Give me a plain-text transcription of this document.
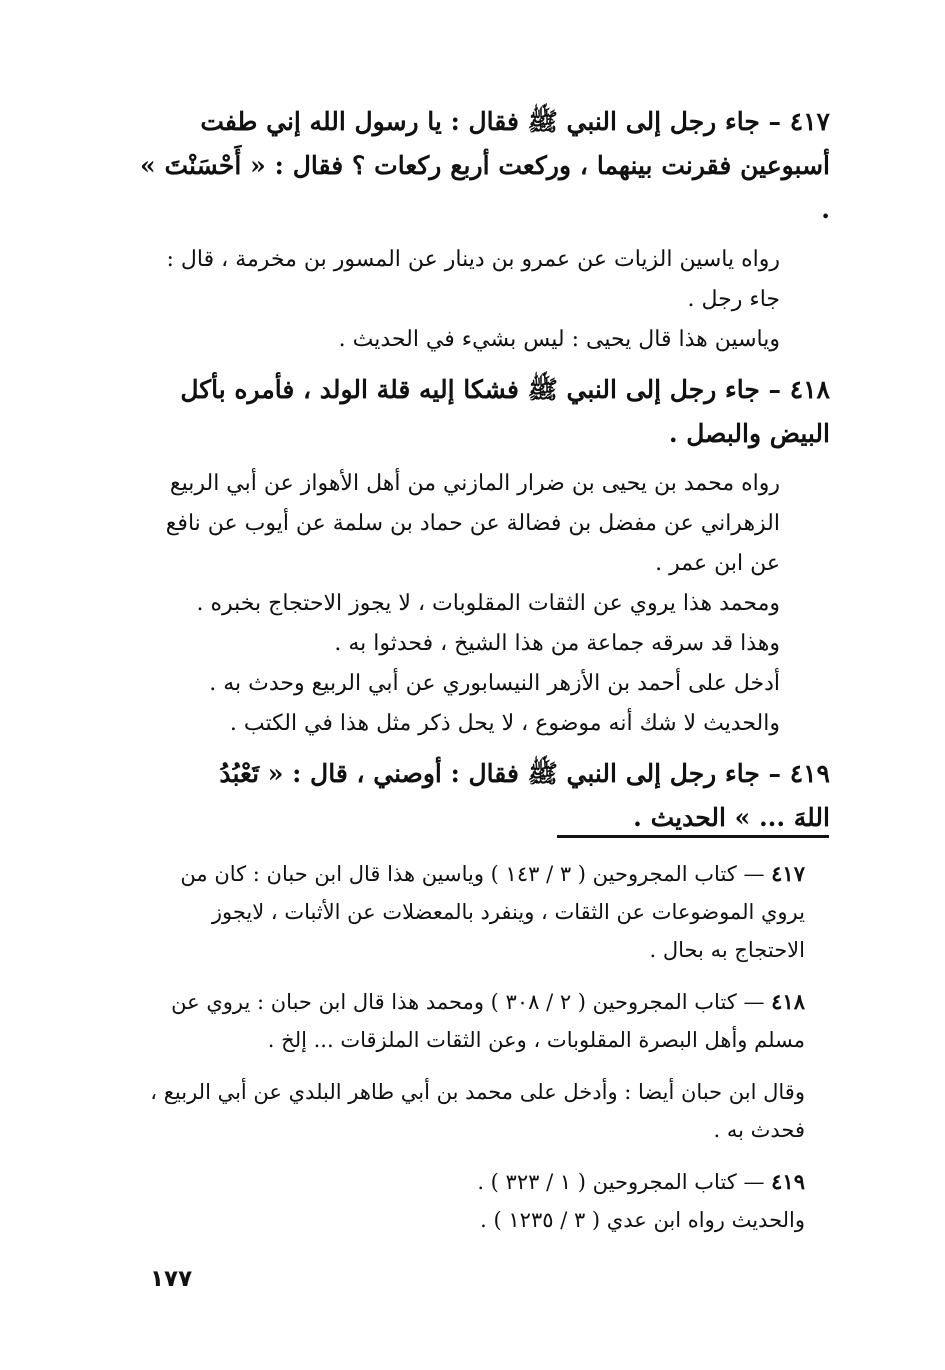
٤١٧ – جاء رجل إلى النبي ﷺ فقال : يا رسول الله إني طفت
أسبوعين فقرنت بينهما ، وركعت أربع ركعات ؟ فقال : « أَحْسَنْتَ » .
رواه ياسين الزيات عن عمرو بن دينار عن المسور بن مخرمة ، قال :
جاء رجل .
وياسين هذا قال يحيى : ليس بشيء في الحديث .
٤١٨ – جاء رجل إلى النبي ﷺ فشكا إليه قلة الولد ، فأمره بأكل
البيض والبصل .
رواه محمد بن يحيى بن ضرار المازني من أهل الأهواز عن أبي الربيع
الزهراني عن مفضل بن فضالة عن حماد بن سلمة عن أيوب عن نافع
عن ابن عمر .
ومحمد هذا يروي عن الثقات المقلوبات ، لا يجوز الاحتجاج بخبره .
وهذا قد سرقه جماعة من هذا الشيخ ، فحدثوا به .
أدخل على أحمد بن الأزهر النيسابوري عن أبي الربيع وحدث به .
والحديث لا شك أنه موضوع ، لا يحل ذكر مثل هذا في الكتب .
٤١٩ – جاء رجل إلى النبي ﷺ فقال : أوصني ، قال : « تَعْبُدُ
اللهَ ... » الحديث .

٤١٧ — كتاب المجروحين ( ٣ / ١٤٣ ) وياسين هذا قال ابن حبان : كان من يروي الموضوعات عن الثقات ، وينفرد بالمعضلات عن الأثبات ، لايجوز الاحتجاج به بحال .

٤١٨ — كتاب المجروحين ( ٢ / ٣٠٨ ) ومحمد هذا قال ابن حبان : يروي عن مسلم وأهل البصرة المقلوبات ، وعن الثقات الملزقات ... إلخ .

وقال ابن حبان أيضا : وأدخل على محمد بن أبي طاهر البلدي عن أبي الربيع ، فحدث به .

٤١٩ — كتاب المجروحين ( ١ / ٣٢٣ ) .

والحديث رواه ابن عدي ( ٣ / ١٢٣٥ ) .

١٧٧
